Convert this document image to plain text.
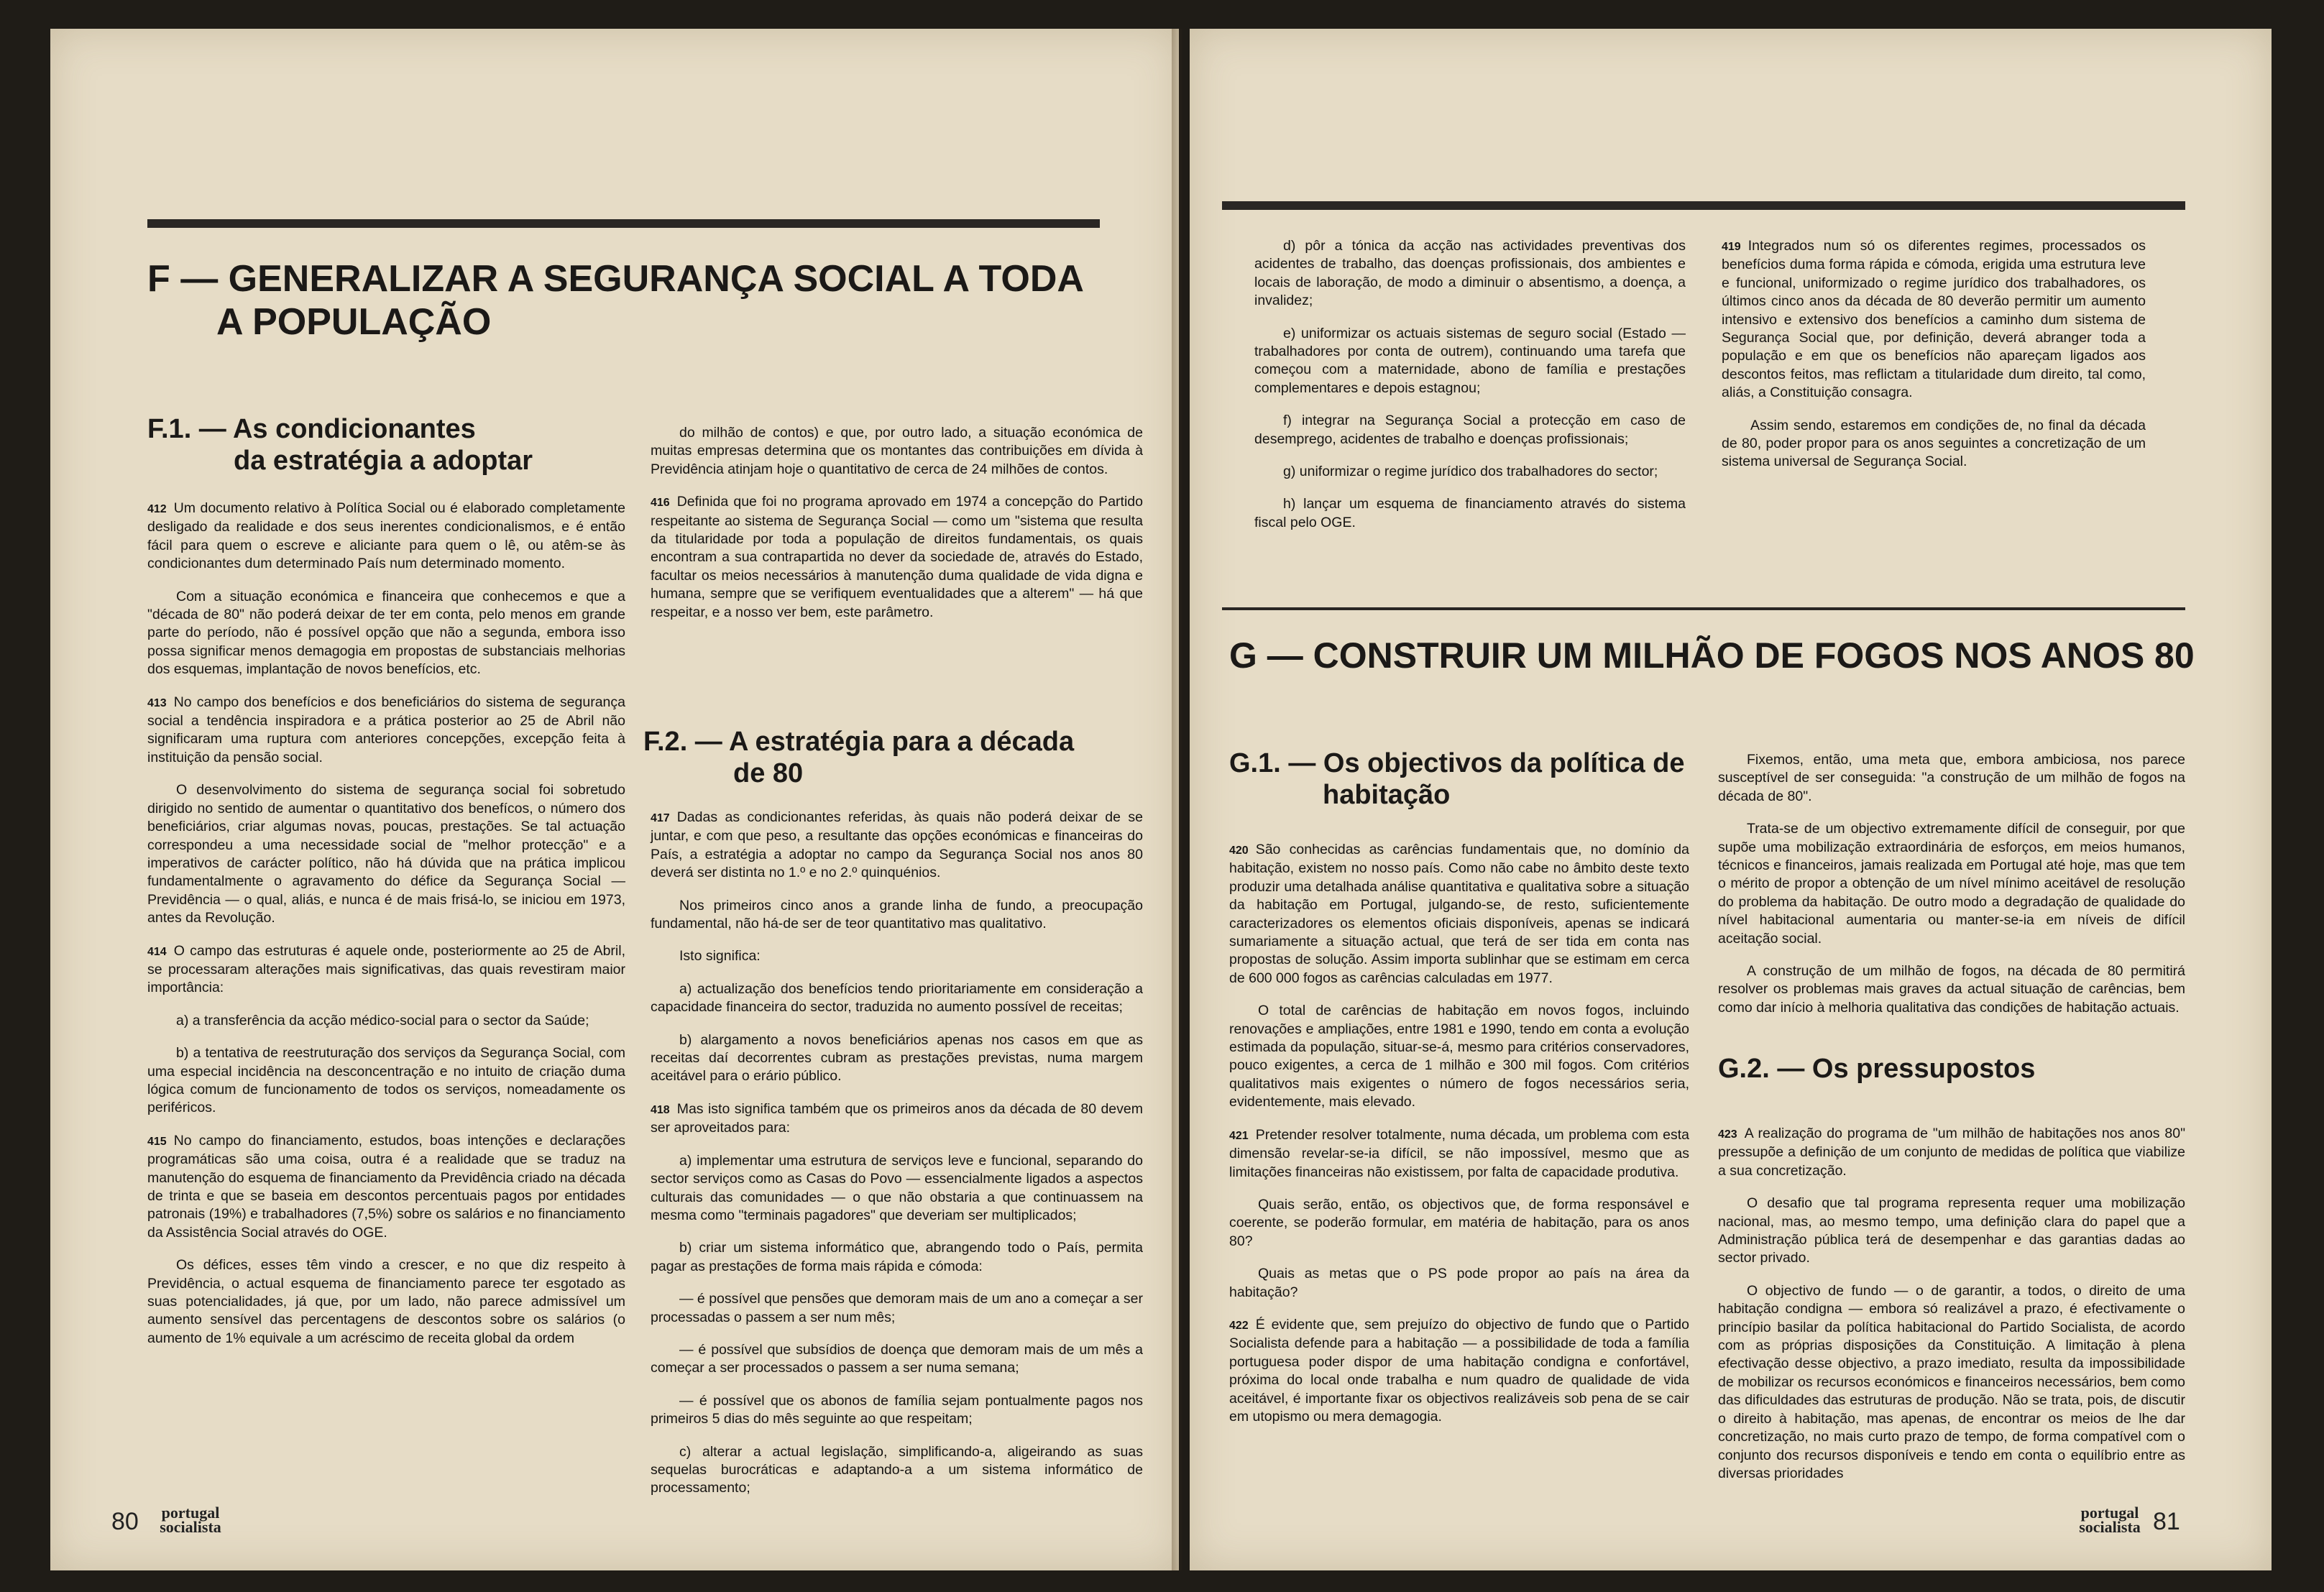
F — GENERALIZAR A SEGURANÇA SOCIAL A TODA
A POPULAÇÃO
F.1. — As condicionantes
da estratégia a adoptar

412 Um documento relativo à Política Social ou é elaborado completamente desligado da realidade e dos seus inerentes condicionalismos, e é então fácil para quem o escreve e aliciante para quem o lê, ou atêm-se às condicionantes dum determinado País num determinado momento.

Com a situação económica e financeira que conhecemos e que a "década de 80" não poderá deixar de ter em conta, pelo menos em grande parte do período, não é possível opção que não a segunda, embora isso possa significar menos demagogia em propostas de substanciais melhorias dos esquemas, implantação de novos benefícios, etc.

413 No campo dos benefícios e dos beneficiários do sistema de segurança social a tendência inspiradora e a prática posterior ao 25 de Abril não significaram uma ruptura com anteriores concepções, excepção feita à instituição da pensão social.

O desenvolvimento do sistema de segurança social foi sobretudo dirigido no sentido de aumentar o quantitativo dos benefícos, o número dos beneficiários, criar algumas novas, poucas, prestações. Se tal actuação correspondeu a uma necessidade social de "melhor protecção" e a imperativos de carácter político, não há dúvida que na prática implicou fundamentalmente o agravamento do défice da Segurança Social — Previdência — o qual, aliás, e nunca é de mais frisá-lo, se iniciou em 1973, antes da Revolução.

414 O campo das estruturas é aquele onde, posteriormente ao 25 de Abril, se processaram alterações mais significativas, das quais revestiram maior importância:

a) a transferência da acção médico-social para o sector da Saúde;

b) a tentativa de reestruturação dos serviços da Segurança Social, com uma especial incidência na desconcentração e no intuito de criação duma lógica comum de funcionamento de todos os serviços, nomeadamente os periféricos.

415 No campo do financiamento, estudos, boas intenções e declarações programáticas são uma coisa, outra é a realidade que se traduz na manutenção do esquema de financiamento da Previdência criado na década de trinta e que se baseia em descontos percentuais pagos por entidades patronais (19%) e trabalhadores (7,5%) sobre os salários e no financiamento da Assistência Social através do OGE.

Os défices, esses têm vindo a crescer, e no que diz respeito à Previdência, o actual esquema de financiamento parece ter esgotado as suas potencialidades, já que, por um lado, não parece admissível um aumento sensível das percentagens de descontos sobre os salários (o aumento de 1% equivale a um acréscimo de receita global da ordem

do milhão de contos) e que, por outro lado, a situação económica de muitas empresas determina que os montantes das contribuições em dívida à Previdência atinjam hoje o quantitativo de cerca de 24 milhões de contos.

416 Definida que foi no programa aprovado em 1974 a concepção do Partido respeitante ao sistema de Segurança Social — como um "sistema que resulta da titularidade por toda a população de direitos fundamentais, os quais encontram a sua contrapartida no dever da sociedade de, através do Estado, facultar os meios necessários à manutenção duma qualidade de vida digna e humana, sempre que se verifiquem eventualidades que a alterem" — há que respeitar, e a nosso ver bem, este parâmetro.

F.2. — A estratégia para a década
de 80

417 Dadas as condicionantes referidas, às quais não poderá deixar de se juntar, e com que peso, a resultante das opções económicas e financeiras do País, a estratégia a adoptar no campo da Segurança Social nos anos 80 deverá ser distinta no 1.º e no 2.º quinquénios.

Nos primeiros cinco anos a grande linha de fundo, a preocupação fundamental, não há-de ser de teor quantitativo mas qualitativo.

Isto significa:

a) actualização dos benefícios tendo prioritariamente em consideração a capacidade financeira do sector, traduzida no aumento possível de receitas;

b) alargamento a novos beneficiários apenas nos casos em que as receitas daí decorrentes cubram as prestações previstas, numa margem aceitável para o erário público.

418 Mas isto significa também que os primeiros anos da década de 80 devem ser aproveitados para:

a) implementar uma estrutura de serviços leve e funcional, separando do sector serviços como as Casas do Povo — essencialmente ligados a aspectos culturais das comunidades — o que não obstaria a que continuassem na mesma como "terminais pagadores" que deveriam ser multiplicados;

b) criar um sistema informático que, abrangendo todo o País, permita pagar as prestações de forma mais rápida e cómoda:

— é possível que pensões que demoram mais de um ano a começar a ser processadas o passem a ser num mês;

— é possível que subsídios de doença que demoram mais de um mês a começar a ser processados o passem a ser numa semana;

— é possível que os abonos de família sejam pontualmente pagos nos primeiros 5 dias do mês seguinte ao que respeitam;

c) alterar a actual legislação, simplificando-a, aligeirando as suas sequelas burocráticas e adaptando-a a um sistema informático de processamento;

80	portugal
socialista

d) pôr a tónica da acção nas actividades preventivas dos acidentes de trabalho, das doenças profissionais, dos ambientes e locais de laboração, de modo a diminuir o absentismo, a doença, a invalidez;

e) uniformizar os actuais sistemas de seguro social (Estado — trabalhadores por conta de outrem), continuando uma tarefa que começou com a maternidade, abono de família e prestações complementares e depois estagnou;

f) integrar na Segurança Social a protecção em caso de desemprego, acidentes de trabalho e doenças profissionais;

g) uniformizar o regime jurídico dos trabalhadores do sector;

h) lançar um esquema de financiamento através do sistema fiscal pelo OGE.

419 Integrados num só os diferentes regimes, processados os benefícios duma forma rápida e cómoda, erigida uma estrutura leve e funcional, uniformizado o regime jurídico dos trabalhadores, os últimos cinco anos da década de 80 deverão permitir um aumento intensivo e extensivo dos benefícios a caminho dum sistema de Segurança Social que, por definição, deverá abranger toda a população e em que os benefícios não apareçam ligados aos descontos feitos, mas reflictam a titularidade dum direito, tal como, aliás, a Constituição consagra.

Assim sendo, estaremos em condições de, no final da década de 80, poder propor para os anos seguintes a concretização de um sistema universal de Segurança Social.

G — CONSTRUIR UM MILHÃO DE FOGOS NOS ANOS 80
G.1. — Os objectivos da política de
habitação

420 São conhecidas as carências fundamentais que, no domínio da habitação, existem no nosso país. Como não cabe no âmbito deste texto produzir uma detalhada análise quantitativa e qualitativa sobre a situação da habitação em Portugal, julgando-se, de resto, suficientemente caracterizadores os elementos oficiais disponíveis, apenas se indicará sumariamente a situação actual, que terá de ser tida em conta nas propostas de solução. Assim importa sublinhar que se estimam em cerca de 600 000 fogos as carências calculadas em 1977.

O total de carências de habitação em novos fogos, incluindo renovações e ampliações, entre 1981 e 1990, tendo em conta a evolução estimada da população, situar-se-á, mesmo para critérios conservadores, pouco exigentes, a cerca de 1 milhão e 300 mil fogos. Com critérios qualitativos mais exigentes o número de fogos necessários seria, evidentemente, mais elevado.

421 Pretender resolver totalmente, numa década, um problema com esta dimensão revelar-se-ia difícil, se não impossível, mesmo que as limitações financeiras não existissem, por falta de capacidade produtiva.

Quais serão, então, os objectivos que, de forma responsável e coerente, se poderão formular, em matéria de habitação, para os anos 80?

Quais as metas que o PS pode propor ao país na área da habitação?

422 É evidente que, sem prejuízo do objectivo de fundo que o Partido Socialista defende para a habitação — a possibilidade de toda a família portuguesa poder dispor de uma habitação condigna e confortável, próxima do local onde trabalha e num quadro de qualidade de vida aceitável, é importante fixar os objectivos realizáveis sob pena de se cair em utopismo ou mera demagogia.

Fixemos, então, uma meta que, embora ambiciosa, nos parece susceptível de ser conseguida: "a construção de um milhão de fogos na década de 80".

Trata-se de um objectivo extremamente difícil de conseguir, por que supõe uma mobilização extraordinária de esforços, em meios humanos, técnicos e financeiros, jamais realizada em Portugal até hoje, mas que tem o mérito de propor a obtenção de um nível mínimo aceitável de resolução do problema da habitação. De outro modo a degradação de qualidade do nível habitacional aumentaria ou manter-se-ia em níveis de difícil aceitação social.

A construção de um milhão de fogos, na década de 80 permitirá resolver os problemas mais graves da actual situação de carências, bem como dar início à melhoria qualitativa das condições de habitação actuais.

G.2. — Os pressupostos

423 A realização do programa de "um milhão de habitações nos anos 80" pressupõe a definição de um conjunto de medidas de política que viabilize a sua concretização.

O desafio que tal programa representa requer uma mobilização nacional, mas, ao mesmo tempo, uma definição clara do papel que a Administração pública terá de desempenhar e das garantias dadas ao sector privado.

O objectivo de fundo — o de garantir, a todos, o direito de uma habitação condigna — embora só realizável a prazo, é efectivamente o princípio basilar da política habitacional do Partido Socialista, de acordo com as próprias disposições da Constituição. A limitação à plena efectivação desse objectivo, a prazo imediato, resulta da impossibilidade de mobilizar os recursos económicos e financeiros necessários, bem como das dificuldades das estruturas de produção. Não se trata, pois, de discutir o direito à habitação, mas apenas, de encontrar os meios de lhe dar concretização, no mais curto prazo de tempo, de forma compatível com o conjunto dos recursos disponíveis e tendo em conta o equilíbrio entre as diversas prioridades

portugal
socialista 81
